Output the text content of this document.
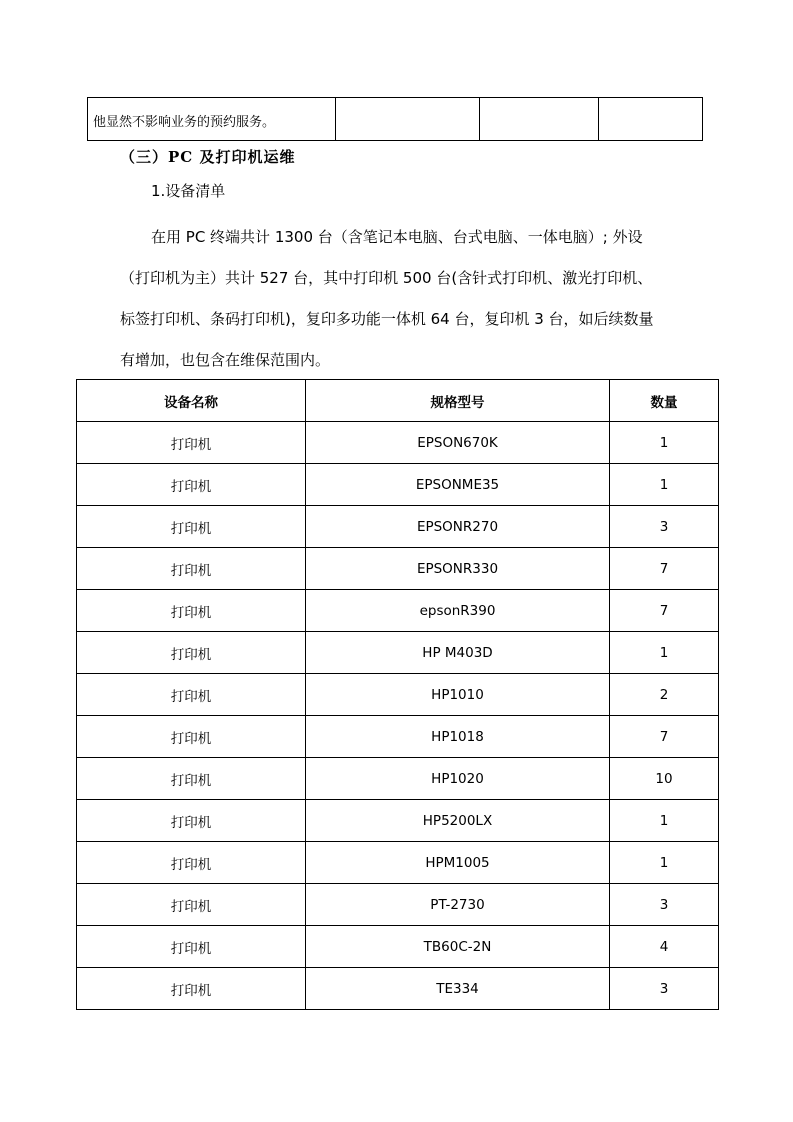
他显然不影响业务的预约服务。			
（三）PC 及打印机运维
1.设备清单

在用 PC 终端共计 1300 台（含笔记本电脑、台式电脑、一体电脑）; 外设
（打印机为主）共计 527 台，其中打印机 500 台(含针式打印机、激光打印机、
标签打印机、条码打印机)，复印多功能一体机 64 台，复印机 3 台，如后续数量
有增加，也包含在维保范围内。

设备名称	规格型号	数量
打印机	EPSON670K	1
打印机	EPSONME35	1
打印机	EPSONR270	3
打印机	EPSONR330	7
打印机	epsonR390	7
打印机	HP M403D	1
打印机	HP1010	2
打印机	HP1018	7
打印机	HP1020	10
打印机	HP5200LX	1
打印机	HPM1005	1
打印机	PT-2730	3
打印机	TB60C-2N	4
打印机	TE334	3
